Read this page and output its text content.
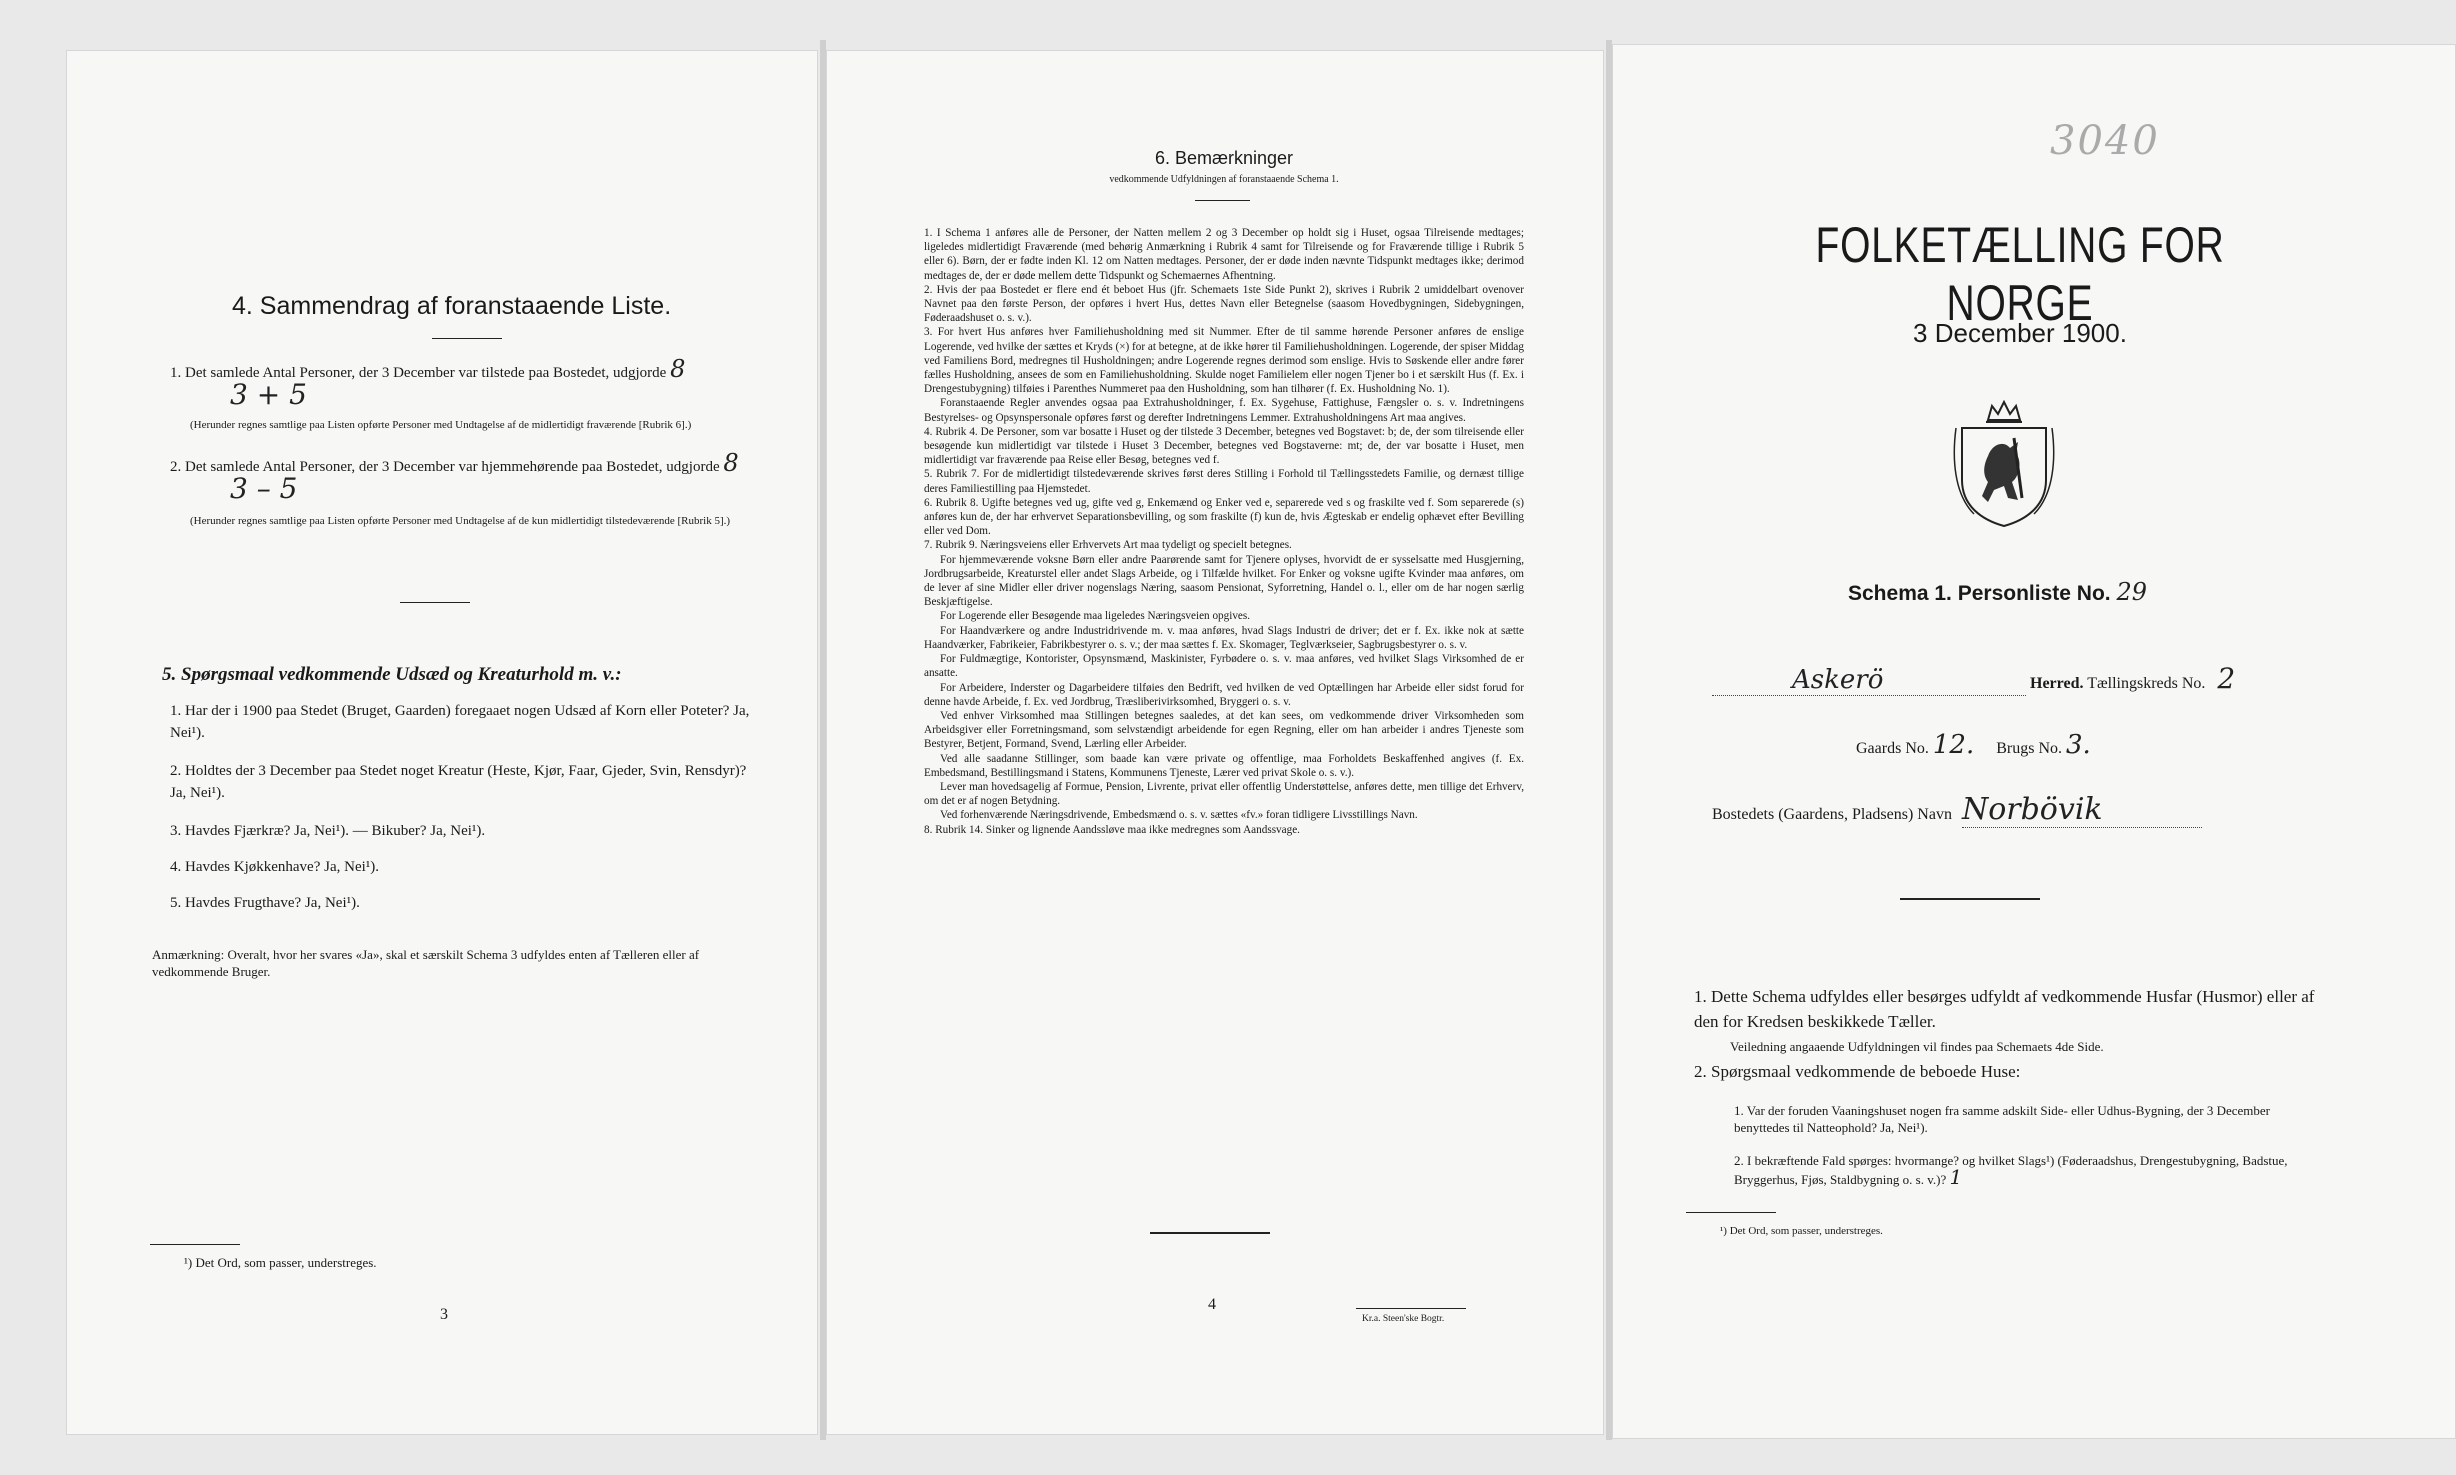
4. Sammendrag af foranstaaende Liste.
1. Det samlede Antal Personer, der 3 December var tilstede paa Bostedet, udgjorde 8 3 + 5
(Herunder regnes samtlige paa Listen opførte Personer med Undtagelse af de midlertidigt fraværende [Rubrik 6].)
2. Det samlede Antal Personer, der 3 December var hjemmehørende paa Bostedet, udgjorde 8 3 – 5
(Herunder regnes samtlige paa Listen opførte Personer med Undtagelse af de kun midlertidigt tilstedeværende [Rubrik 5].)
5. Spørgsmaal vedkommende Udsæd og Kreaturhold m. v.:
1. Har der i 1900 paa Stedet (Bruget, Gaarden) foregaaet nogen Udsæd af Korn eller Poteter? Ja, Nei¹).
2. Holdtes der 3 December paa Stedet noget Kreatur (Heste, Kjør, Faar, Gjeder, Svin, Rensdyr)? Ja, Nei¹).
3. Havdes Fjærkræ? Ja, Nei¹). — Bikuber? Ja, Nei¹).
4. Havdes Kjøkkenhave? Ja, Nei¹).
5. Havdes Frugthave? Ja, Nei¹).
Anmærkning: Overalt, hvor her svares «Ja», skal et særskilt Schema 3 udfyldes enten af Tælleren eller af vedkommende Bruger.
¹) Det Ord, som passer, understreges.
3
6. Bemærkninger
vedkommende Udfyldningen af foranstaaende Schema 1.

1. I Schema 1 anføres alle de Personer, der Natten mellem 2 og 3 December op holdt sig i Huset, ogsaa Tilreisende medtages; ligeledes midlertidigt Fraværende (med behørig Anmærkning i Rubrik 4 samt for Tilreisende og for Fraværende tillige i Rubrik 5 eller 6). Børn, der er fødte inden Kl. 12 om Natten medtages. Personer, der er døde inden nævnte Tidspunkt medtages ikke; derimod medtages de, der er døde mellem dette Tidspunkt og Schemaernes Afhentning.

2. Hvis der paa Bostedet er flere end ét beboet Hus (jfr. Schemaets 1ste Side Punkt 2), skrives i Rubrik 2 umiddelbart ovenover Navnet paa den første Person, der opføres i hvert Hus, dettes Navn eller Betegnelse (saasom Hovedbygningen, Sidebygningen, Føderaadshuset o. s. v.).

3. For hvert Hus anføres hver Familiehusholdning med sit Nummer. Efter de til samme hørende Personer anføres de enslige Logerende, ved hvilke der sættes et Kryds (×) for at betegne, at de ikke hører til Familiehusholdningen. Logerende, der spiser Middag ved Familiens Bord, medregnes til Husholdningen; andre Logerende regnes derimod som enslige. Hvis to Søskende eller andre fører fælles Husholdning, ansees de som en Familiehusholdning. Skulde noget Familielem eller nogen Tjener bo i et særskilt Hus (f. Ex. i Drengestubygning) tilføies i Parenthes Nummeret paa den Husholdning, som han tilhører (f. Ex. Husholdning No. 1).

Foranstaaende Regler anvendes ogsaa paa Extrahusholdninger, f. Ex. Sygehuse, Fattighuse, Fængsler o. s. v. Indretningens Bestyrelses- og Opsynspersonale opføres først og derefter Indretningens Lemmer. Extrahusholdningens Art maa angives.

4. Rubrik 4. De Personer, som var bosatte i Huset og der tilstede 3 December, betegnes ved Bogstavet: b; de, der som tilreisende eller besøgende kun midlertidigt var tilstede i Huset 3 December, betegnes ved Bogstaverne: mt; de, der var bosatte i Huset, men midlertidigt var fraværende paa Reise eller Besøg, betegnes ved f.

5. Rubrik 7. For de midlertidigt tilstedeværende skrives først deres Stilling i Forhold til Tællingsstedets Familie, og dernæst tillige deres Familiestilling paa Hjemstedet.

6. Rubrik 8. Ugifte betegnes ved ug, gifte ved g, Enkemænd og Enker ved e, separerede ved s og fraskilte ved f. Som separerede (s) anføres kun de, der har erhvervet Separationsbevilling, og som fraskilte (f) kun de, hvis Ægteskab er endelig ophævet efter Bevilling eller ved Dom.

7. Rubrik 9. Næringsveiens eller Erhvervets Art maa tydeligt og specielt betegnes.

For hjemmeværende voksne Børn eller andre Paarørende samt for Tjenere oplyses, hvorvidt de er sysselsatte med Husgjerning, Jordbrugsarbeide, Kreaturstel eller andet Slags Arbeide, og i Tilfælde hvilket. For Enker og voksne ugifte Kvinder maa anføres, om de lever af sine Midler eller driver nogenslags Næring, saasom Pensionat, Syforretning, Handel o. l., eller om de har nogen særlig Beskjæftigelse.

For Logerende eller Besøgende maa ligeledes Næringsveien opgives.

For Haandværkere og andre Industridrivende m. v. maa anføres, hvad Slags Industri de driver; det er f. Ex. ikke nok at sætte Haandværker, Fabrikeier, Fabrikbestyrer o. s. v.; der maa sættes f. Ex. Skomager, Teglværkseier, Sagbrugsbestyrer o. s. v.

For Fuldmægtige, Kontorister, Opsynsmænd, Maskinister, Fyrbødere o. s. v. maa anføres, ved hvilket Slags Virksomhed de er ansatte.

For Arbeidere, Inderster og Dagarbeidere tilføies den Bedrift, ved hvilken de ved Optællingen har Arbeide eller sidst forud for denne havde Arbeide, f. Ex. ved Jordbrug, Træsliberivirksomhed, Bryggeri o. s. v.

Ved enhver Virksomhed maa Stillingen betegnes saaledes, at det kan sees, om vedkommende driver Virksomheden som Arbeidsgiver eller Forretningsmand, som selvstændigt arbeidende for egen Regning, eller om han arbeider i andres Tjeneste som Bestyrer, Betjent, Formand, Svend, Lærling eller Arbeider.

Ved alle saadanne Stillinger, som baade kan være private og offentlige, maa Forholdets Beskaffenhed angives (f. Ex. Embedsmand, Bestillingsmand i Statens, Kommunens Tjeneste, Lærer ved privat Skole o. s. v.).

Lever man hovedsagelig af Formue, Pension, Livrente, privat eller offentlig Understøttelse, anføres dette, men tillige det Erhverv, om det er af nogen Betydning.

Ved forhenværende Næringsdrivende, Embedsmænd o. s. v. sættes «fv.» foran tidligere Livsstillings Navn.

8. Rubrik 14. Sinker og lignende Aandssløve maa ikke medregnes som Aandssvage.

4
Kr.a. Steen'ske Bogtr.
3040
FOLKETÆLLING FOR NORGE
3 December 1900.
Schema 1. Personliste No. 29
Askerö	Herred. Tællingskreds No. 2
Gaards No. 12. Brugs No. 3.
Bostedets (Gaardens, Pladsens) Navn Norbövik
1. Dette Schema udfyldes eller besørges udfyldt af vedkommende Husfar (Husmor) eller af den for Kredsen beskikkede Tæller.
Veiledning angaaende Udfyldningen vil findes paa Schemaets 4de Side.
2. Spørgsmaal vedkommende de beboede Huse:
1. Var der foruden Vaaningshuset nogen fra samme adskilt Side- eller Udhus-Bygning, der 3 December benyttedes til Natteophold? Ja, Nei¹).
2. I bekræftende Fald spørges: hvormange? og hvilket Slags¹) (Føderaadshus, Drengestubygning, Badstue, Bryggerhus, Fjøs, Staldbygning o. s. v.)? 1
¹) Det Ord, som passer, understreges.
